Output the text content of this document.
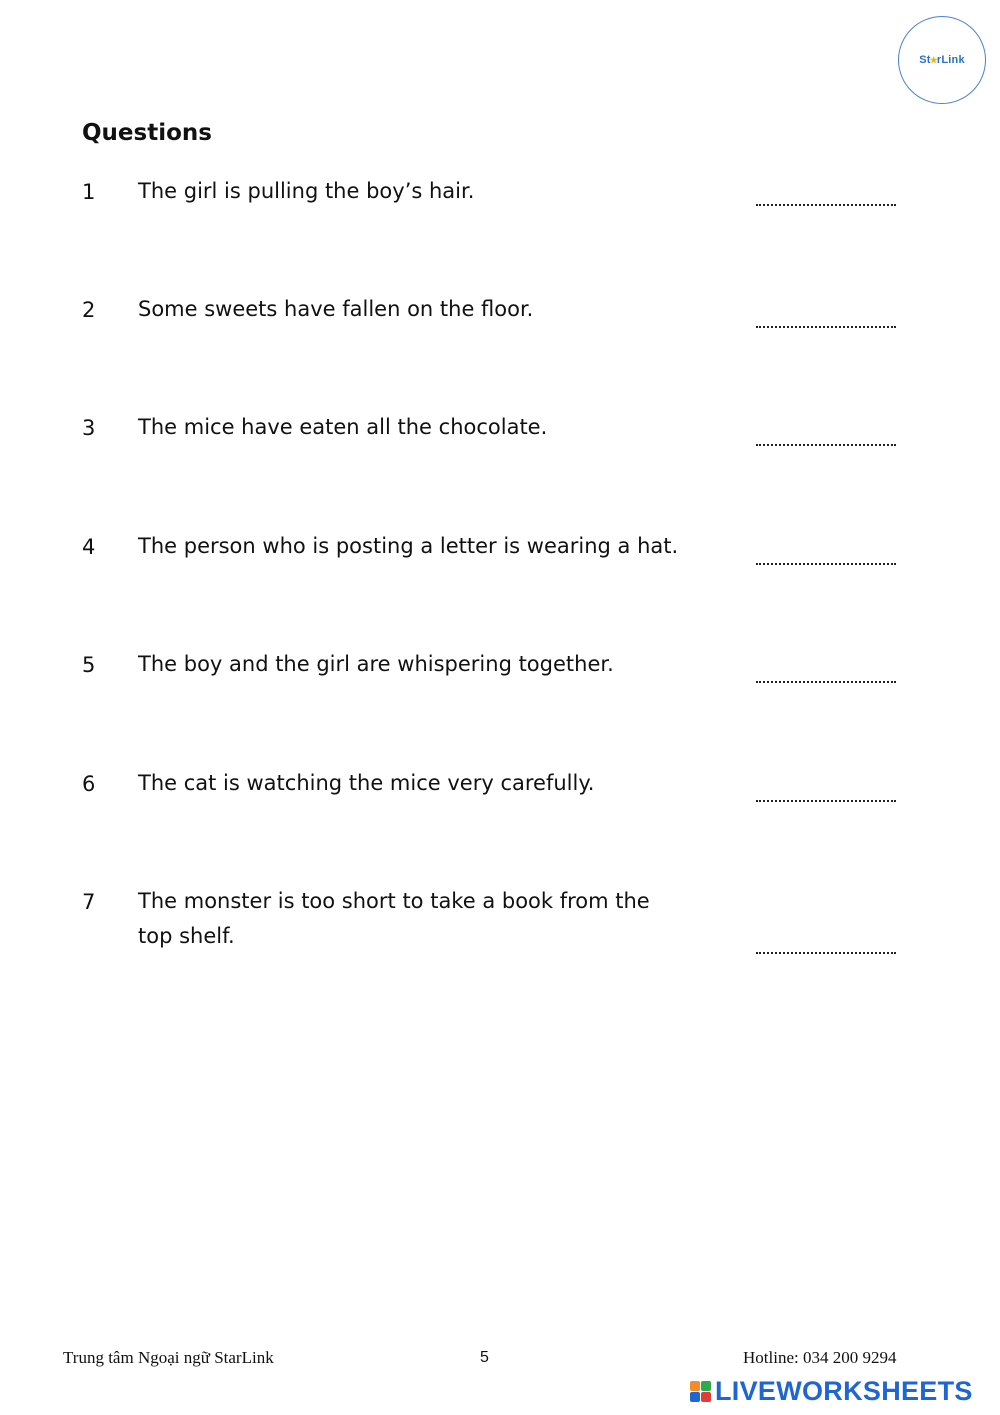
St ★ rLink
Questions
1 The girl is pulling the boy’s hair.
2 Some sweets have fallen on the floor.
3 The mice have eaten all the chocolate.
4 The person who is posting a letter is wearing a hat.
5 The boy and the girl are whispering together.
6 The cat is watching the mice very carefully.
7 The monster is too short to take a book from the top shelf.
Trung tâm Ngoại ngữ StarLink	5	Hotline: 034 200 9294
LIVEWORKSHEETS
